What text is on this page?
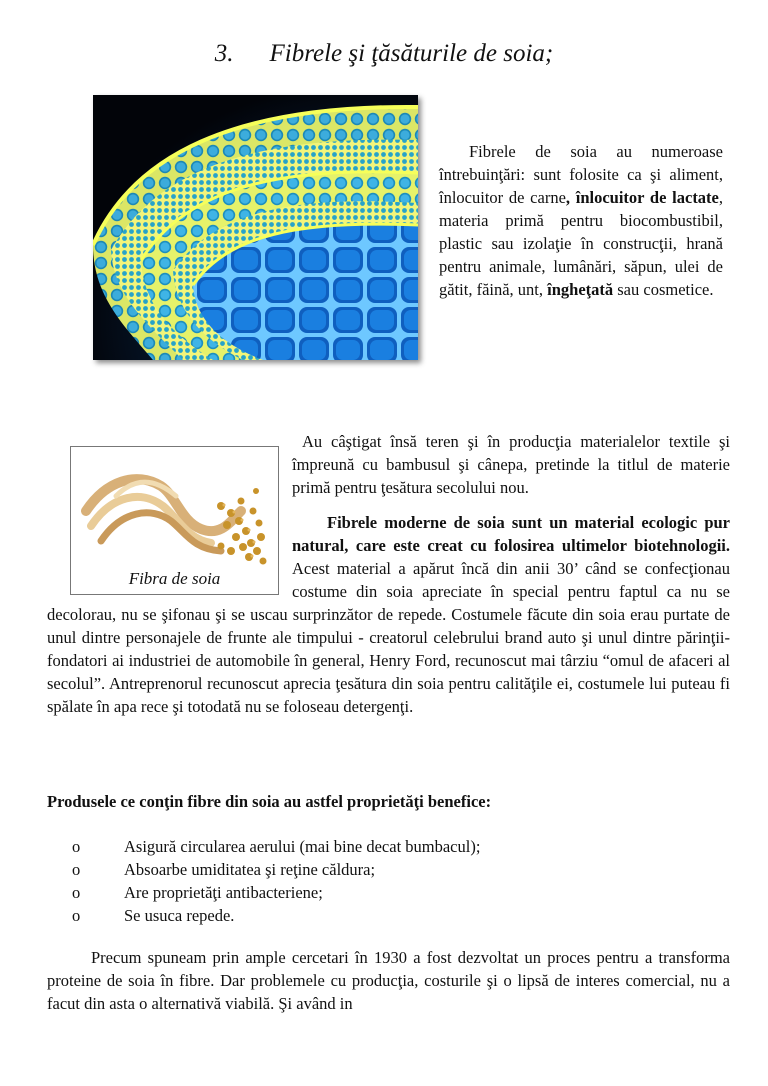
3. Fibrele şi ţăsăturile de soia;
Fibrele de soia au numeroase întrebuinţări: sunt folosite ca şi aliment, înlocuitor de carne, înlocuitor de lactate, materia primă pentru biocombustibil, plastic sau izolaţie în construcţii, hrană pentru animale, lumânări, săpun, ulei de gătit, făină, unt, îngheţată sau cosmetice.

Au câştigat însă teren şi în producţia materialelor textile şi împreună cu bambusul şi cânepa, pretinde la titlul de materie primă pentru ţesătura secolului nou.

Fibrele moderne de soia sunt un material ecologic pur natural, care este creat cu folosirea ultimelor biotehnologii. Acest material a apărut încă din anii 30’ când se confecţionau costume din soia apreciate în special pentru faptul ca nu se decolorau, nu se şifonau şi se uscau surprinzător de repede. Costumele făcute din soia erau purtate de unul dintre personajele de frunte ale timpului - creatorul celebrului brand auto şi unul dintre părinţii-fondatori ai industriei de automobile în general, Henry Ford, recunoscut mai târziu “omul de afaceri al secolul”. Antreprenorul recunoscut aprecia ţesătura din soia pentru calităţile ei, costumele lui puteau fi spălate în apa rece şi totodată nu se foloseau detergenţi.

Fibra de soia
Produsele ce conţin fibre din soia au astfel proprietăţi benefice:
o	Asigură circularea aerului (mai bine decat bumbacul);
o	Absoarbe umiditatea şi reţine căldura;
o	Are proprietăţi antibacteriene;
o	Se usuca repede.
Precum spuneam prin ample cercetari în 1930 a fost dezvoltat un proces pentru a transforma proteine de soia în fibre. Dar problemele cu producţia, costurile şi o lipsă de interes comercial, nu a facut din asta o alternativă viabilă. Şi având in
